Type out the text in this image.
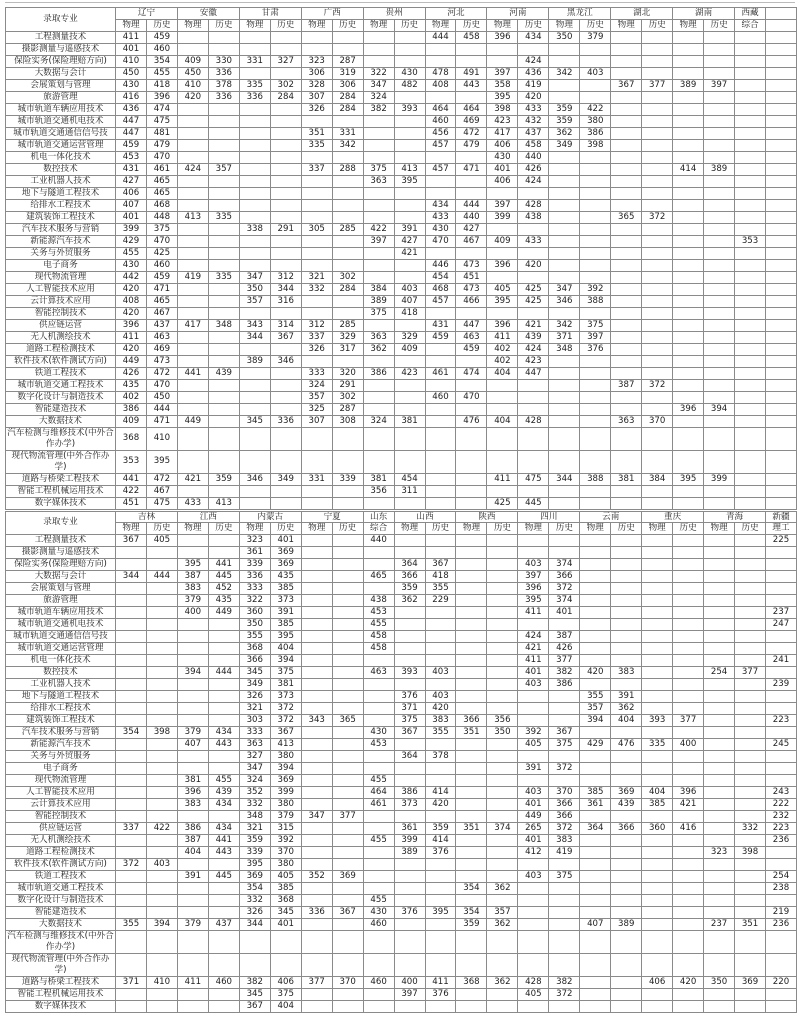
录取专业	辽宁		安徽		甘肃		广西		贵州		河北		河南		黑龙江		湖北		湖南		西藏	
	物理	历史	物理	历史	物理	历史	物理	历史	物理	历史	物理	历史	物理	历史	物理	历史	物理	历史	物理	历史	综合	
工程测量技术	411	459									444	458	396	434	350	379						
摄影测量与遥感技术	401	460																				
保险实务(保险理赔方向)	410	354	409	330	331	327	323	287						424								
大数据与会计	450	455	450	336			306	319	322	430	478	491	397	436	342	403						
会展策划与管理	430	418	410	378	335	302	328	306	347	482	408	443	358	419			367	377	389	397		
旅游管理	416	396	420	336	336	284	307	284	324				395	420								
城市轨道车辆应用技术	436	474					326	284	382	393	464	464	398	433	359	422						
城市轨道交通机电技术	447	475									460	469	423	432	359	380						
城市轨道交通通信信号技	447	481					351	331			456	472	417	437	362	386						
城市轨道交通运营管理	459	479					335	342			457	479	406	458	349	398						
机电一体化技术	453	470											430	440								
数控技术	431	461	424	357			337	288	375	413	457	471	401	426					414	389		
工业机器人技术	427	465							363	395			406	424								
地下与隧道工程技术	406	465																				
给排水工程技术	407	468									434	444	397	428								
建筑装饰工程技术	401	448	413	335							433	440	399	438			365	372				
汽车技术服务与营销	399	375			338	291	305	285	422	391	430	427										
新能源汽车技术	429	470							397	427	470	467	409	433							353	
关务与外贸服务	455	425								421												
电子商务	430	460									446	473	396	420								
现代物流管理	442	459	419	335	347	312	321	302			454	451										
人工智能技术应用	420	471			350	344	332	284	384	403	468	473	405	425	347	392						
云计算技术应用	408	465			357	316			389	407	457	466	395	425	346	388						
智能控制技术	420	467							375	418												
供应链运营	396	437	417	348	343	314	312	285			431	447	396	421	342	375						
无人机测绘技术	411	463			344	367	337	329	363	329	459	463	411	439	371	397						
道路工程检测技术	420	469					326	317	362	409		459	402	424	348	376						
软件技术(软件测试方向)	449	473			389	346							402	423								
铁道工程技术	426	472	441	439			333	320	386	423	461	474	404	447								
城市轨道交通工程技术	435	470					324	291									387	372				
数字化设计与制造技术	402	450					357	302			460	470										
智能建造技术	386	444					325	287											396	394		
大数据技术	409	471	449		345	336	307	308	324	381		476	404	428			363	370				
汽车检测与维修技术(中外合作办学)	368	410																				
现代物流管理(中外合作办学)	353	395																				
道路与桥梁工程技术	441	472	421	359	346	349	331	339	381	454			411	475	344	388	381	384	395	399		
智能工程机械运用技术	422	467							356	311												
数字媒体技术	451	475	433	413									425	445								
录取专业	吉林		江西		内蒙古		宁夏		山东	山西		陕西		四川		云南		重庆		青海		新疆
	物理	历史	物理	历史	物理	历史	物理	历史	综合	物理	历史	物理	历史	物理	历史	物理	历史	物理	历史	物理	历史	理工
工程测量技术	367	405			323	401			440													225
摄影测量与遥感技术					361	369																
保险实务(保险理赔方向)			395	441	339	369				364	367			403	374							
大数据与会计	344	444	387	445	336	435			465	366	418			397	366							
会展策划与管理			383	452	333	385				359	355			396	372							
旅游管理			379	435	322	373			438	362	229			395	374							
城市轨道车辆应用技术			400	449	360	391			453					411	401							237
城市轨道交通机电技术					350	385			455													247
城市轨道交通通信信号技					355	395			458					424	387							
城市轨道交通运营管理					368	404			458					421	426							
机电一体化技术					366	394								411	377							241
数控技术			394	444	345	375			463	393	403			401	382	420	383			254	377	
工业机器人技术					349	381								403	386							239
地下与隧道工程技术					326	373				376	403					355	391					
给排水工程技术					321	372				371	420					357	362					
建筑装饰工程技术					303	372	343	365		375	383	366	356			394	404	393	377			223
汽车技术服务与营销	354	398	379	434	333	367			430	367	355	351	350	392	367							
新能源汽车技术			407	443	363	413			453					405	375	429	476	335	400			245
关务与外贸服务					327	380				364	378											
电子商务					347	394								391	372							
现代物流管理			381	455	324	369			455													
人工智能技术应用			396	439	352	399			464	386	414			403	370	385	369	404	396			243
云计算技术应用			383	434	332	380			461	373	420			401	366	361	439	385	421			222
智能控制技术					348	379	347	377						449	366							232
供应链运营	337	422	386	434	321	315				361	359	351	374	265	372	364	366	360	416		332	223
无人机测绘技术			387	441	359	392			455	399	414			401	383							236
道路工程检测技术			404	443	339	370				389	376			412	419					323	398	
软件技术(软件测试方向)	372	403			395	380																
铁道工程技术			391	445	369	405	352	369						403	375							254
城市轨道交通工程技术					354	385						354	362									238
数字化设计与制造技术					332	368			455													
智能建造技术					326	345	336	367	430	376	395	354	357									219
大数据技术	355	394	379	437	344	401			460			359	362			407	389			237	351	236
汽车检测与维修技术(中外合作办学)																						
现代物流管理(中外合作办学)																						
道路与桥梁工程技术	371	410	411	460	382	406	377	370	460	400	411	368	362	428	382			406	420	350	369	220
智能工程机械运用技术					345	375				397	376			405	372							
数字媒体技术					367	404																
